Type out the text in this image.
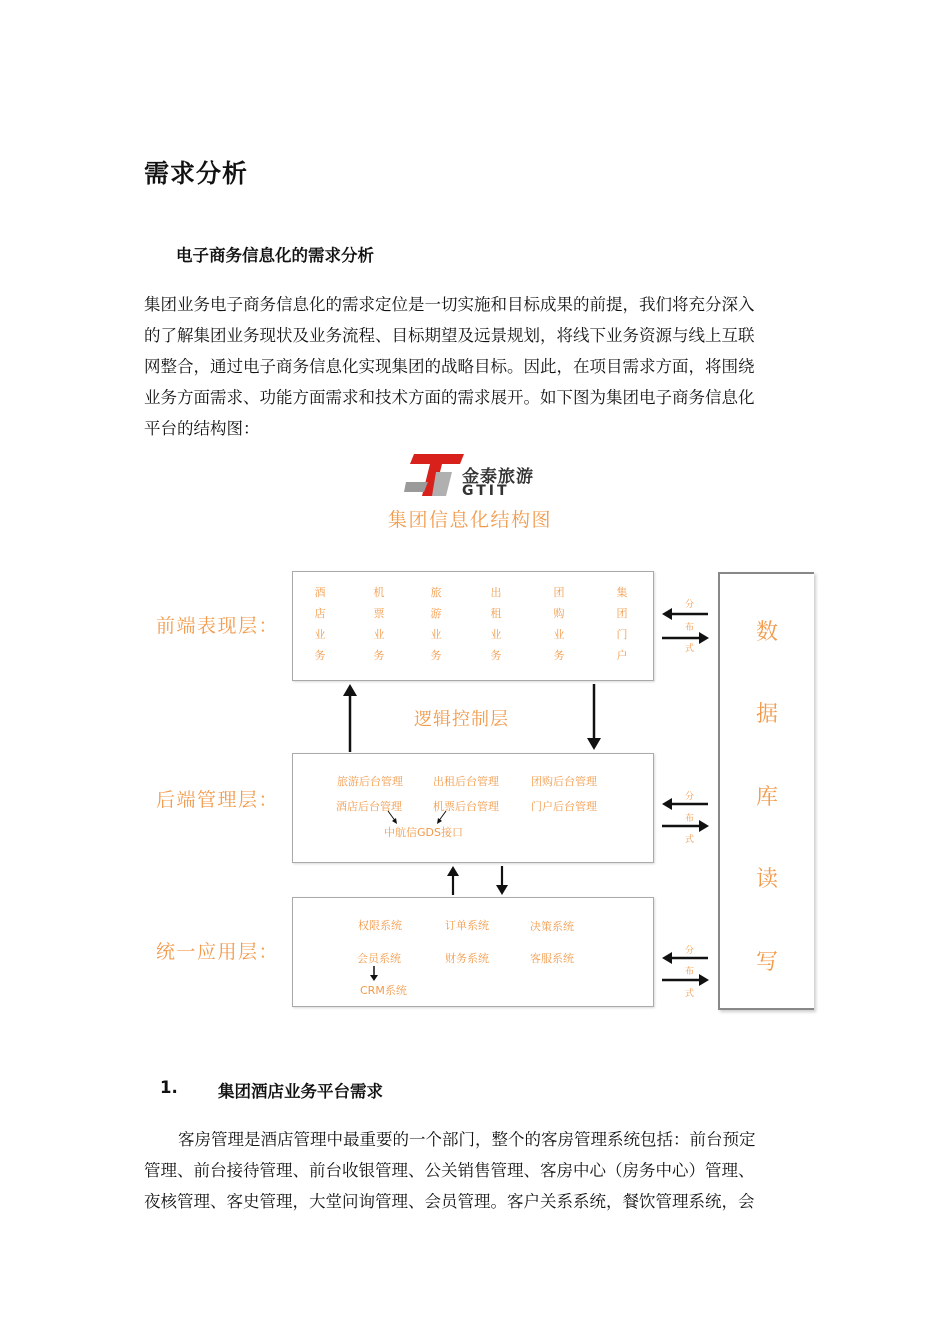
需求分析
电子商务信息化的需求分析

集团业务电子商务信息化的需求定位是一切实施和目标成果的前提，我们将充分深入

的了解集团业务现状及业务流程、目标期望及远景规划，将线下业务资源与线上互联

网整合，通过电子商务信息化实现集团的战略目标。因此，在项目需求方面，将围绕

业务方面需求、功能方面需求和技术方面的需求展开。如下图为集团电子商务信息化

平台的结构图：

金泰旅游
GTIT
集团信息化结构图
前端表现层：
酒
店
业
务
机
票
业
务
旅
游
业
务
出
租
业
务
团
购
业
务
集
团
门
户
逻辑控制层
后端管理层：
旅游后台管理	出租后台管理	团购后台管理
酒店后台管理	机票后台管理	门户后台管理
中航信GDS接口
统一应用层：
权限系统	订单系统	决策系统
会员系统	财务系统	客服系统
CRM系统
分
布
式
分
布
式
分
布
式
数
据
库
读
写
1. 集团酒店业务平台需求

客房管理是酒店管理中最重要的一个部门，整个的客房管理系统包括：前台预定

管理、前台接待管理、前台收银管理、公关销售管理、客房中心（房务中心）管理、

夜核管理、客史管理，大堂问询管理、会员管理。客户关系系统，餐饮管理系统，会
